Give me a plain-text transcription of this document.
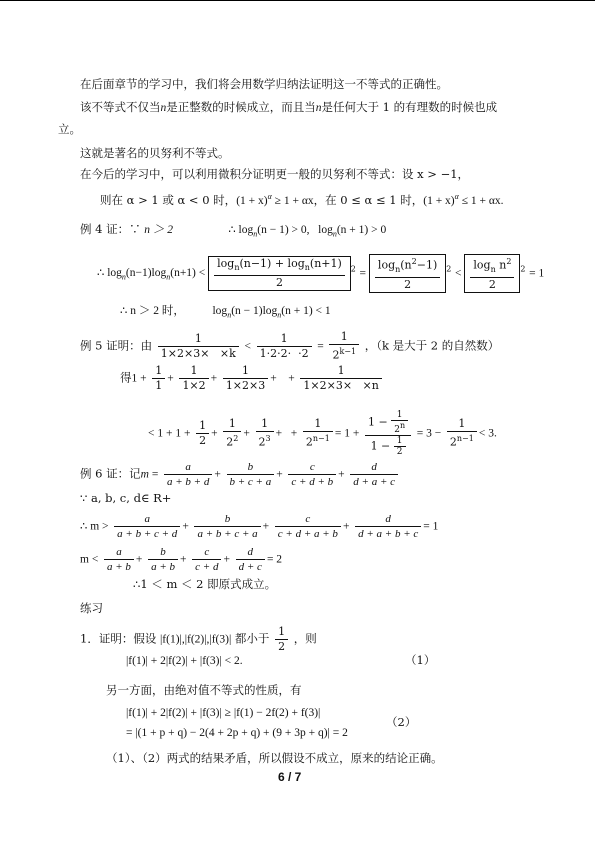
在后面章节的学习中，我们将会用数学归纳法证明这一不等式的正确性。
该不等式不仅当n是正整数的时候成立，而且当n是任何大于 1 的有理数的时候也成
立。
这就是著名的贝努利不等式。
在今后的学习中，可以利用微积分证明更一般的贝努利不等式：设 x > −1，
则在 α > 1 或 α < 0 时，$(1 + x)^\alpha \ge 1 + \alpha x$，在 0 ≤ α ≤ 1 时，$(1 + x)^\alpha \le 1 + \alpha x$.
例 4 证：∵ n ＞ 2	∴ $\log_n(n - 1) > 0$,   $\log_n(n + 1) > 0$
∴ $\log_n(n-1)\log_n(n+1) < \frac{\log_n(n-1) + \log_n(n+1)}{2} ^2 = \frac{\log_n(n^2-1)}{2} ^2 < \frac{\log_n n^2}{2} ^2 = 1$
∴ n ＞ 2 时， $\log_n(n - 1)\log_n(n + 1) < 1$
例 5 证明：由 $\frac{1}{1\times 2\times 3\times \times k} < \frac{1}{1\cdot 2\cdot 2\cdot \cdot 2} = \frac{1}{2^{k-1}}$ ，（k 是大于 2 的自然数）
得$1 + \frac{1}{1} + \frac{1}{1\times 2} + \frac{1}{1\times 2\times 3}$ +    + $\frac{1}{1\times 2\times 3\times \times n}$
< $1 + 1 + \frac{1}{2} + \frac{1}{2^2} + \frac{1}{2^3}$ +   + $\frac{1}{2^{n-1}} = 1 + \frac{1 - \frac{1}{2^n}}{1 - \frac{1}{2}} = 3 - \frac{1}{2^{n-1}} < 3$.
例 6 证：记$m = \frac{a}{a + b + d} + \frac{b}{b + c + a} + \frac{c}{c + d + b} + \frac{d}{d + a + c}$
∵ a, b, c, d∈ R+
∴ $m > \frac{a}{a + b + c + d} + \frac{b}{a + b + c + a} + \frac{c}{c + d + a + b} + \frac{d}{d + a + b + c} = 1$
$m < \frac{a}{a + b} + \frac{b}{a + b} + \frac{c}{c + d} + \frac{d}{d + c} = 2$
∴1 ＜ m ＜ 2 即原式成立。
练习
1．证明：假设 |f(1)|,|f(2)|,|f(3)| 都小于 $\frac{1}{2}$ ，则
|f(1)| + 2|f(2)| + |f(3)| < 2.	（1）
另一方面，由绝对值不等式的性质，有
|f(1)| + 2|f(2)| + |f(3)| ≥ |f(1) − 2f(2) + f(3)|
= |(1 + p + q) − 2(4 + 2p + q) + (9 + 3p + q)| = 2
（2）
（1）、（2）两式的结果矛盾，所以假设不成立，原来的结论正确。
6 / 7
